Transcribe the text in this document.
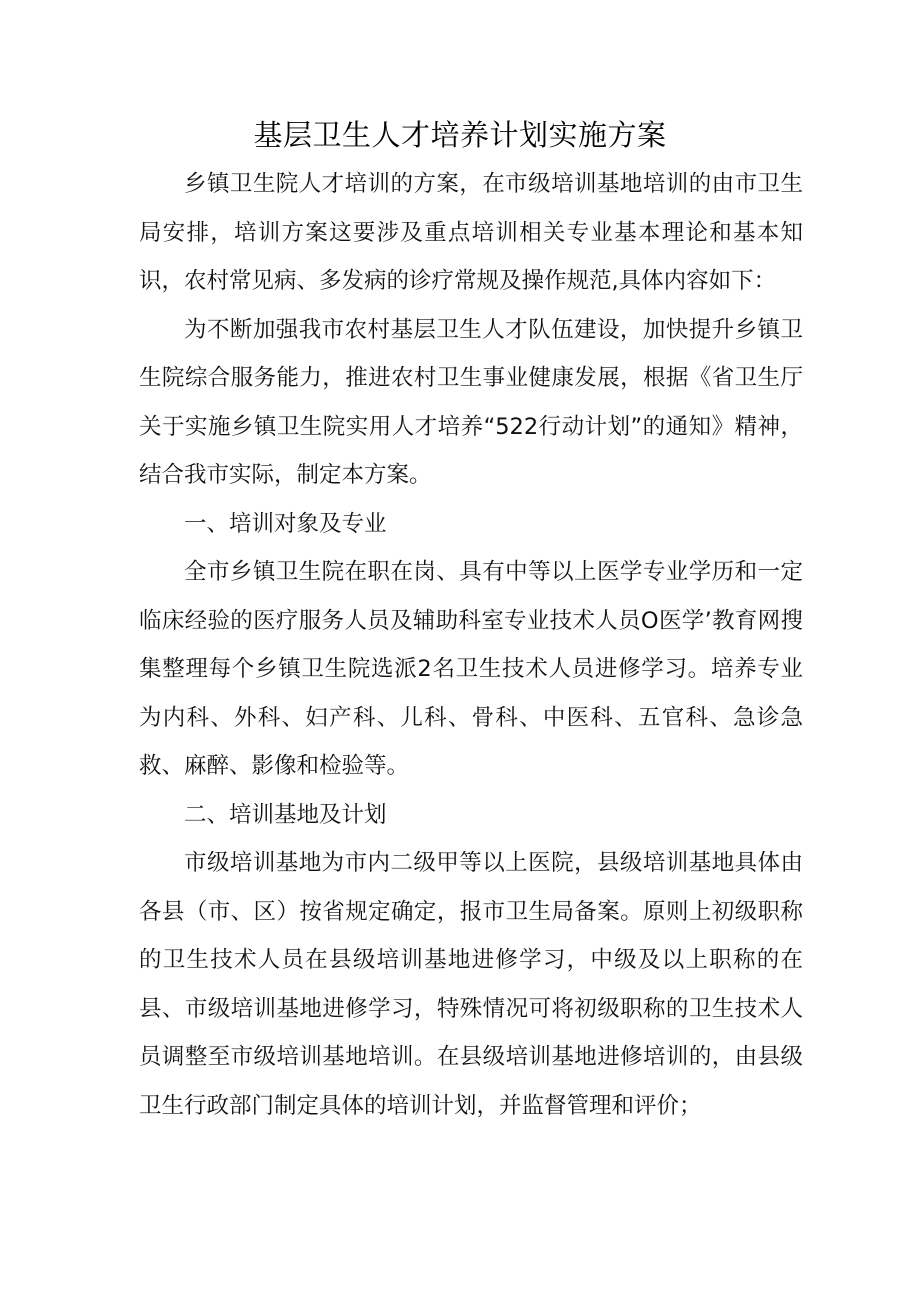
基层卫生人才培养计划实施方案

乡镇卫生院人才培训的方案，在市级培训基地培训的由市卫生局安排，培训方案这要涉及重点培训相关专业基本理论和基本知识，农村常见病、多发病的诊疗常规及操作规范,具体内容如下：

为不断加强我市农村基层卫生人才队伍建设，加快提升乡镇卫生院综合服务能力，推进农村卫生事业健康发展，根据《省卫生厅关于实施乡镇卫生院实用人才培养“522行动计划”的通知》精神，结合我市实际，制定本方案。

一、培训对象及专业

全市乡镇卫生院在职在岗、具有中等以上医学专业学历和一定临床经验的医疗服务人员及辅助科室专业技术人员O医学’教育网搜集整理每个乡镇卫生院选派2名卫生技术人员进修学习。培养专业为内科、外科、妇产科、儿科、骨科、中医科、五官科、急诊急救、麻醉、影像和检验等。

二、培训基地及计划

市级培训基地为市内二级甲等以上医院，县级培训基地具体由各县（市、区）按省规定确定，报市卫生局备案。原则上初级职称的卫生技术人员在县级培训基地进修学习，中级及以上职称的在县、市级培训基地进修学习，特殊情况可将初级职称的卫生技术人员调整至市级培训基地培训。在县级培训基地进修培训的，由县级卫生行政部门制定具体的培训计划，并监督管理和评价；
